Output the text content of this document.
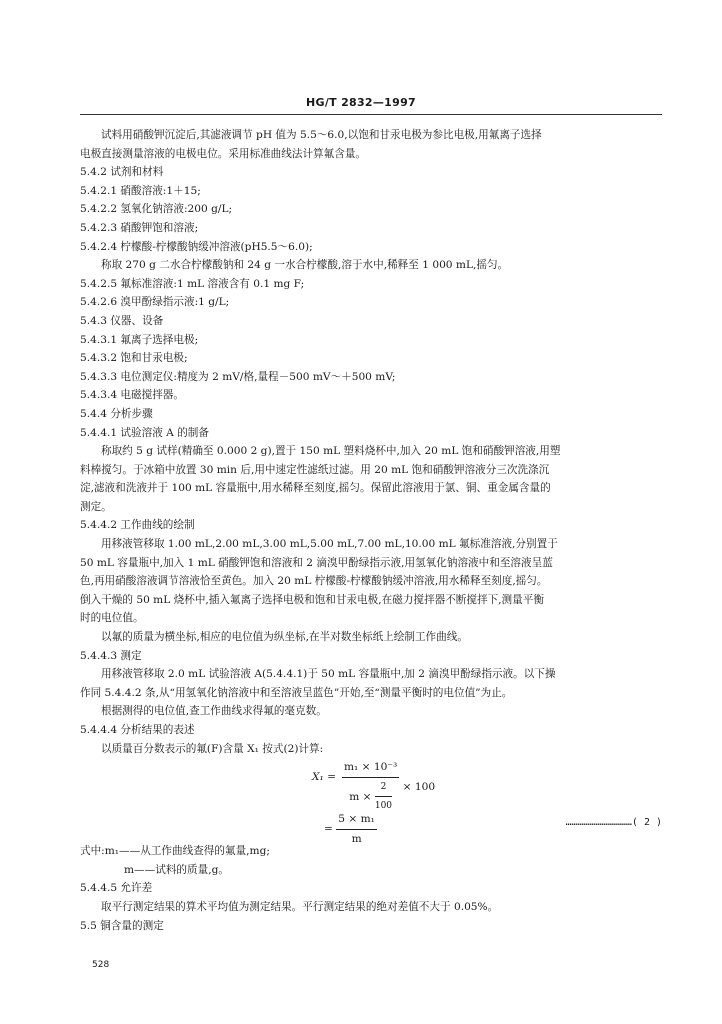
HG/T 2832—1997
试料用硝酸钾沉淀后,其滤液调节 pH 值为 5.5～6.0,以饱和甘汞电极为参比电极,用氟离子选择
电极直接测量溶液的电极电位。采用标准曲线法计算氟含量。
5.4.2 试剂和材料
5.4.2.1 硝酸溶液:1＋15;
5.4.2.2 氢氧化钠溶液:200 g/L;
5.4.2.3 硝酸钾饱和溶液;
5.4.2.4 柠檬酸-柠檬酸钠缓冲溶液(pH5.5～6.0);
称取 270 g 二水合柠檬酸钠和 24 g 一水合柠檬酸,溶于水中,稀释至 1 000 mL,摇匀。
5.4.2.5 氟标准溶液:1 mL 溶液含有 0.1 mg F;
5.4.2.6 溴甲酚绿指示液:1 g/L;
5.4.3 仪器、设备
5.4.3.1 氟离子选择电极;
5.4.3.2 饱和甘汞电极;
5.4.3.3 电位测定仪:精度为 2 mV/格,量程－500 mV～＋500 mV;
5.4.3.4 电磁搅拌器。
5.4.4 分析步骤
5.4.4.1 试验溶液 A 的制备
称取约 5 g 试样(精确至 0.000 2 g),置于 150 mL 塑料烧杯中,加入 20 mL 饱和硝酸钾溶液,用塑
料棒搅匀。于冰箱中放置 30 min 后,用中速定性滤纸过滤。用 20 mL 饱和硝酸钾溶液分三次洗涤沉
淀,滤液和洗液并于 100 mL 容量瓶中,用水稀释至刻度,摇匀。保留此溶液用于氯、铜、重金属含量的
测定。
5.4.4.2 工作曲线的绘制
用移液管移取 1.00 mL,2.00 mL,3.00 mL,5.00 mL,7.00 mL,10.00 mL 氟标准溶液,分别置于
50 mL 容量瓶中,加入 1 mL 硝酸钾饱和溶液和 2 滴溴甲酚绿指示液,用氢氧化钠溶液中和至溶液呈蓝
色,再用硝酸溶液调节溶液恰至黄色。加入 20 mL 柠檬酸-柠檬酸钠缓冲溶液,用水稀释至刻度,摇匀。
倒入干燥的 50 mL 烧杯中,插入氟离子选择电极和饱和甘汞电极,在磁力搅拌器不断搅拌下,测量平衡
时的电位值。
以氟的质量为横坐标,相应的电位值为纵坐标,在半对数坐标纸上绘制工作曲线。
5.4.4.3 测定
用移液管移取 2.0 mL 试验溶液 A(5.4.4.1)于 50 mL 容量瓶中,加 2 滴溴甲酚绿指示液。以下操
作同 5.4.4.2 条,从“用氢氧化钠溶液中和至溶液呈蓝色”开始,至“测量平衡时的电位值”为止。
根据测得的电位值,查工作曲线求得氟的毫克数。
5.4.4.4 分析结果的表述
以质量百分数表示的氟(F)含量 X₁ 按式(2)计算:
$X_1 = \frac{\text{m₁ × 10⁻³}}{m \times \frac{2}{100}} \times 100$
= $\frac{\text{5 × m₁}}{m}$	……………………………( 2 )
式中:m₁——从工作曲线查得的氟量,mg;
m——试料的质量,g。
5.4.4.5 允许差
取平行测定结果的算术平均值为测定结果。平行测定结果的绝对差值不大于 0.05%。
5.5 铜含量的测定
528
